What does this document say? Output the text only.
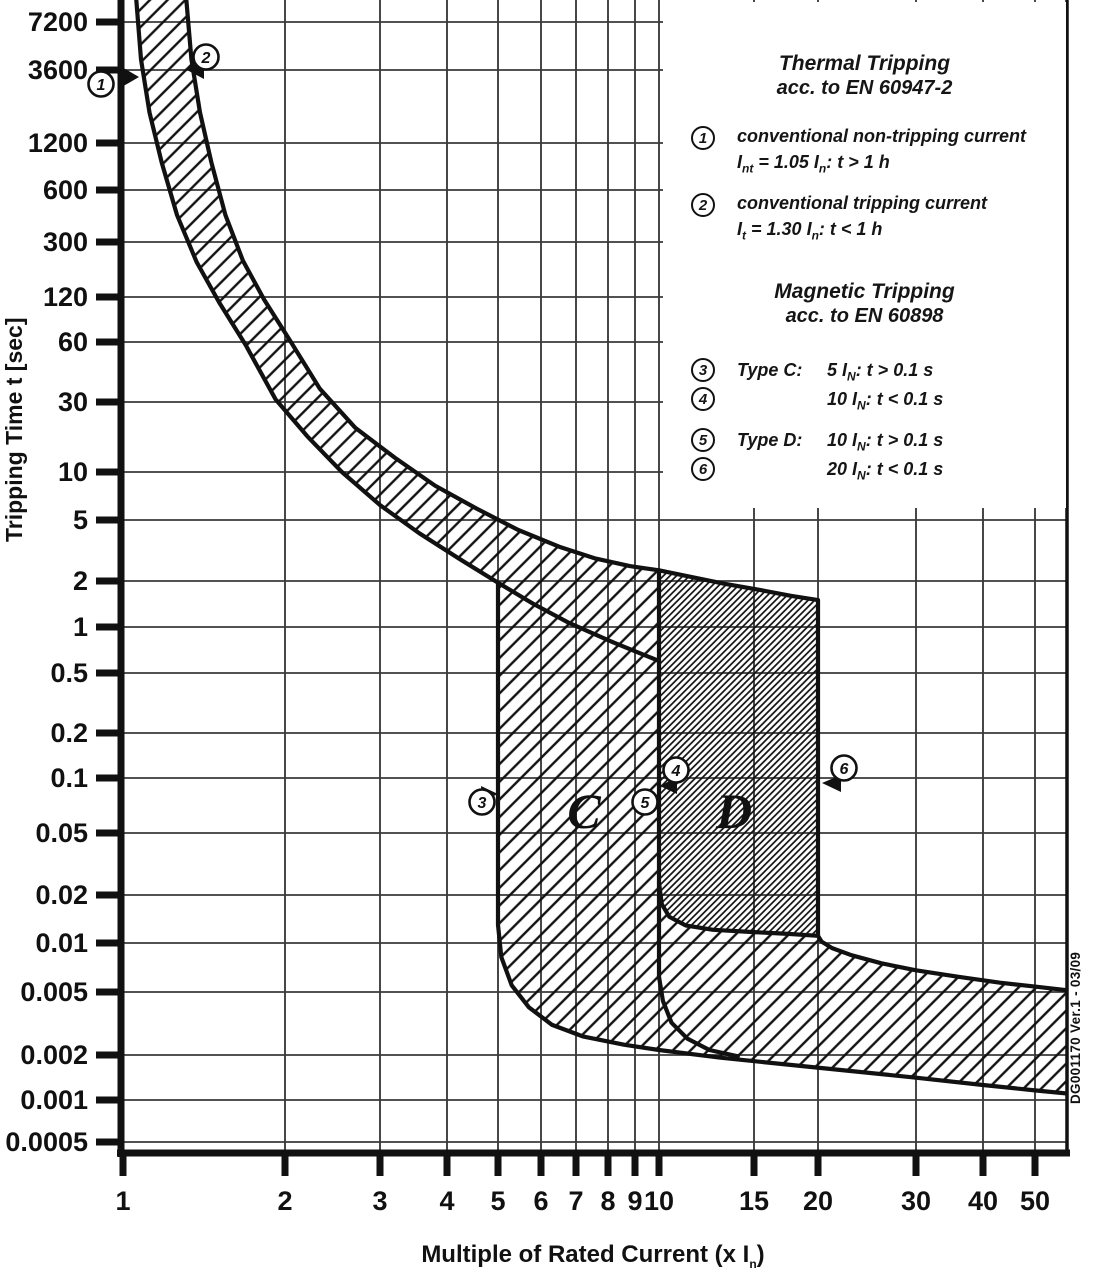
7200
3600
1200
600
300
120
60
30
10
5
2
1
0.5
0.2
0.1
0.05
0.02
0.01
0.005
0.002
0.001
0.0005
1	2	3 4 5 6 7 8 9 10 15 20	30 40 50
C D
1
2
3
4
5
6
Tripping Time t [sec]
Thermal Tripping
acc. to EN 60947-2
1	conventional non-tripping current
$I_{nt} = 1.05$ $I_n$: t > 1 h
2	conventional tripping current
$I_t = 1.30$ $I_n$: t < 1 h
Magnetic Tripping
acc. to EN 60898
3	Type C:	5 $I_N$: t > 0.1 s
4	10 $I_N$: t < 0.1 s
5	Type D:	10 $I_N$: t > 0.1 s
6	20 $I_N$: t < 0.1 s
Multiple of Rated Current (x $I_n$)
DG001170 Ver.1 - 03/09
